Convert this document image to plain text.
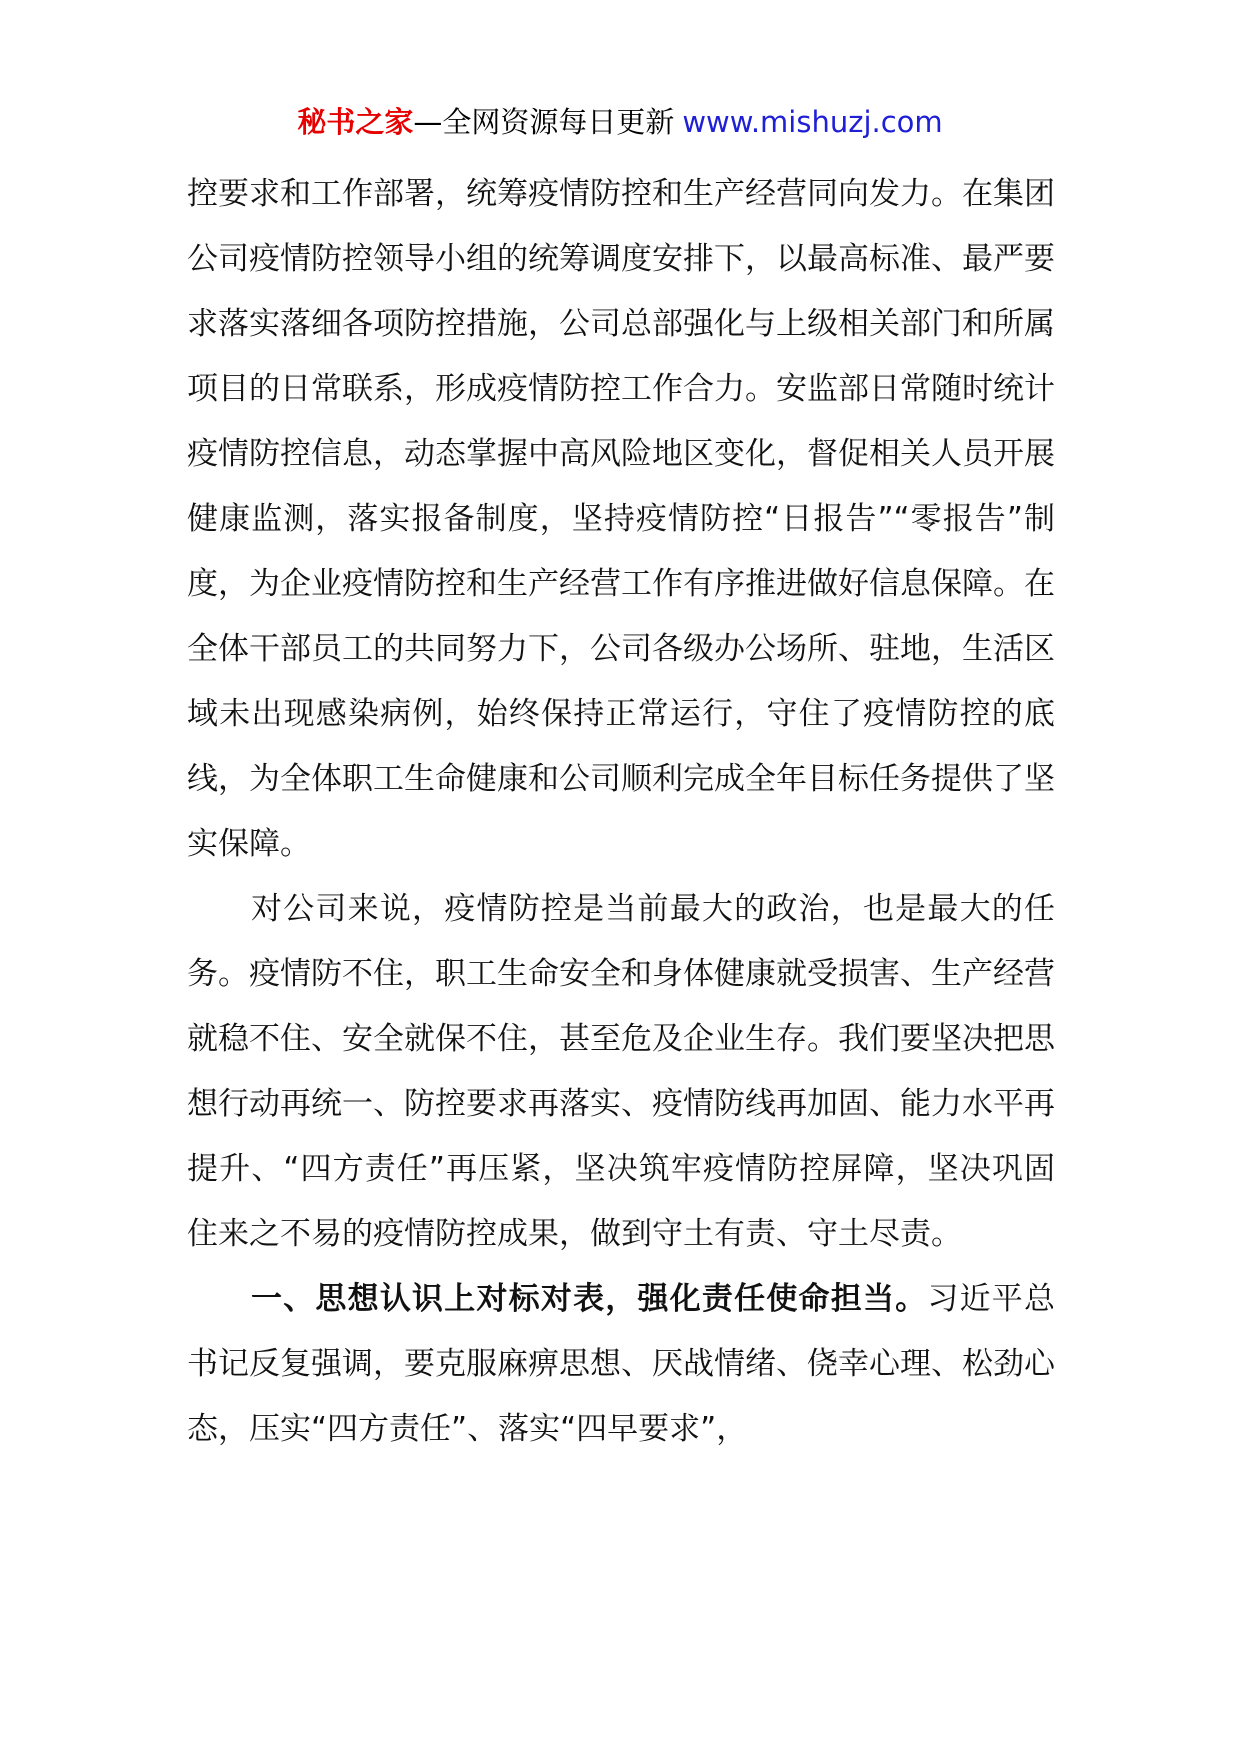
秘书之家—全网资源每日更新 www.mishuzj.com

控要求和工作部署，统筹疫情防控和生产经营同向发力。在集团公司疫情防控领导小组的统筹调度安排下，以最高标准、最严要求落实落细各项防控措施，公司总部强化与上级相关部门和所属项目的日常联系，形成疫情防控工作合力。安监部日常随时统计疫情防控信息，动态掌握中高风险地区变化，督促相关人员开展健康监测，落实报备制度，坚持疫情防控“日报告”“零报告”制度，为企业疫情防控和生产经营工作有序推进做好信息保障。在全体干部员工的共同努力下，公司各级办公场所、驻地，生活区域未出现感染病例，始终保持正常运行，守住了疫情防控的底线，为全体职工生命健康和公司顺利完成全年目标任务提供了坚实保障。

对公司来说，疫情防控是当前最大的政治，也是最大的任务。疫情防不住，职工生命安全和身体健康就受损害、生产经营就稳不住、安全就保不住，甚至危及企业生存。我们要坚决把思想行动再统一、防控要求再落实、疫情防线再加固、能力水平再提升、“四方责任”再压紧，坚决筑牢疫情防控屏障，坚决巩固住来之不易的疫情防控成果，做到守土有责、守土尽责。

一、思想认识上对标对表，强化责任使命担当。习近平总书记反复强调，要克服麻痹思想、厌战情绪、侥幸心理、松劲心态，压实“四方责任”、落实“四早要求”，
